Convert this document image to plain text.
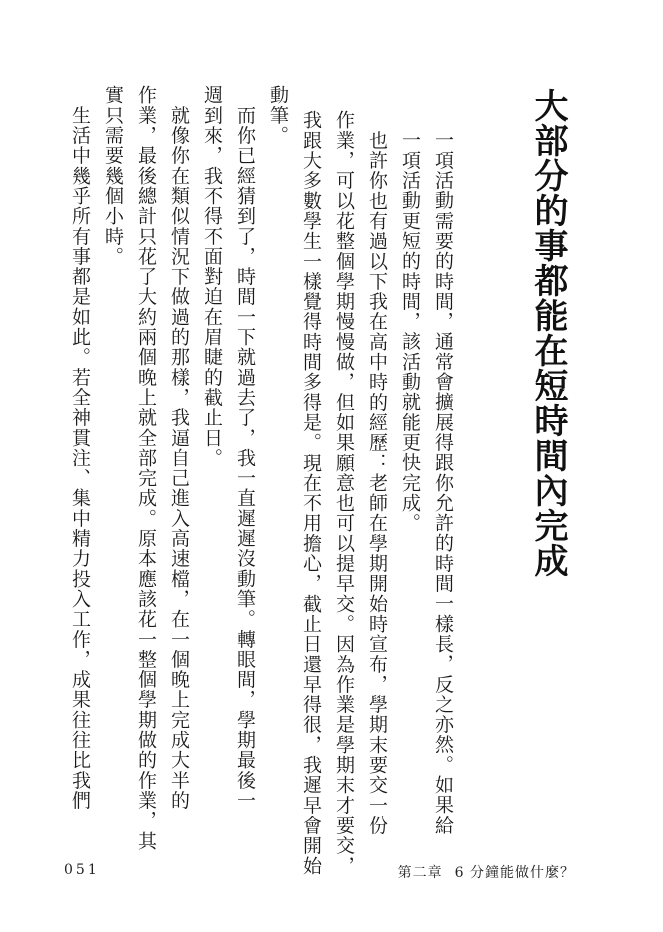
大部分的事都能在短時間內完成

一項活動需要的時間，通常會擴展得跟你允許的時間一樣長，反之亦然。如果給

一項活動更短的時間，該活動就能更快完成。

　也許你也有過以下我在高中時的經歷：老師在學期開始時宣布，學期末要交一份

作業，可以花整個學期慢慢做，但如果願意也可以提早交。因為作業是學期末才要交，

我跟大多數學生一樣覺得時間多得是。現在不用擔心，截止日還早得很，我遲早會開始

動筆。

　而你已經猜到了，時間一下就過去了，我一直遲遲沒動筆。轉眼間，學期最後一

週到來，我不得不面對迫在眉睫的截止日。

　就像你在類似情況下做過的那樣，我逼自己進入高速檔，在一個晚上完成大半的

作業，最後總計只花了大約兩個晚上就全部完成。原本應該花一整個學期做的作業，其

實只需要幾個小時。

　生活中幾乎所有事都是如此。若全神貫注、集中精力投入工作，成果往往比我們

051	第二章 6 分鐘能做什麼？
